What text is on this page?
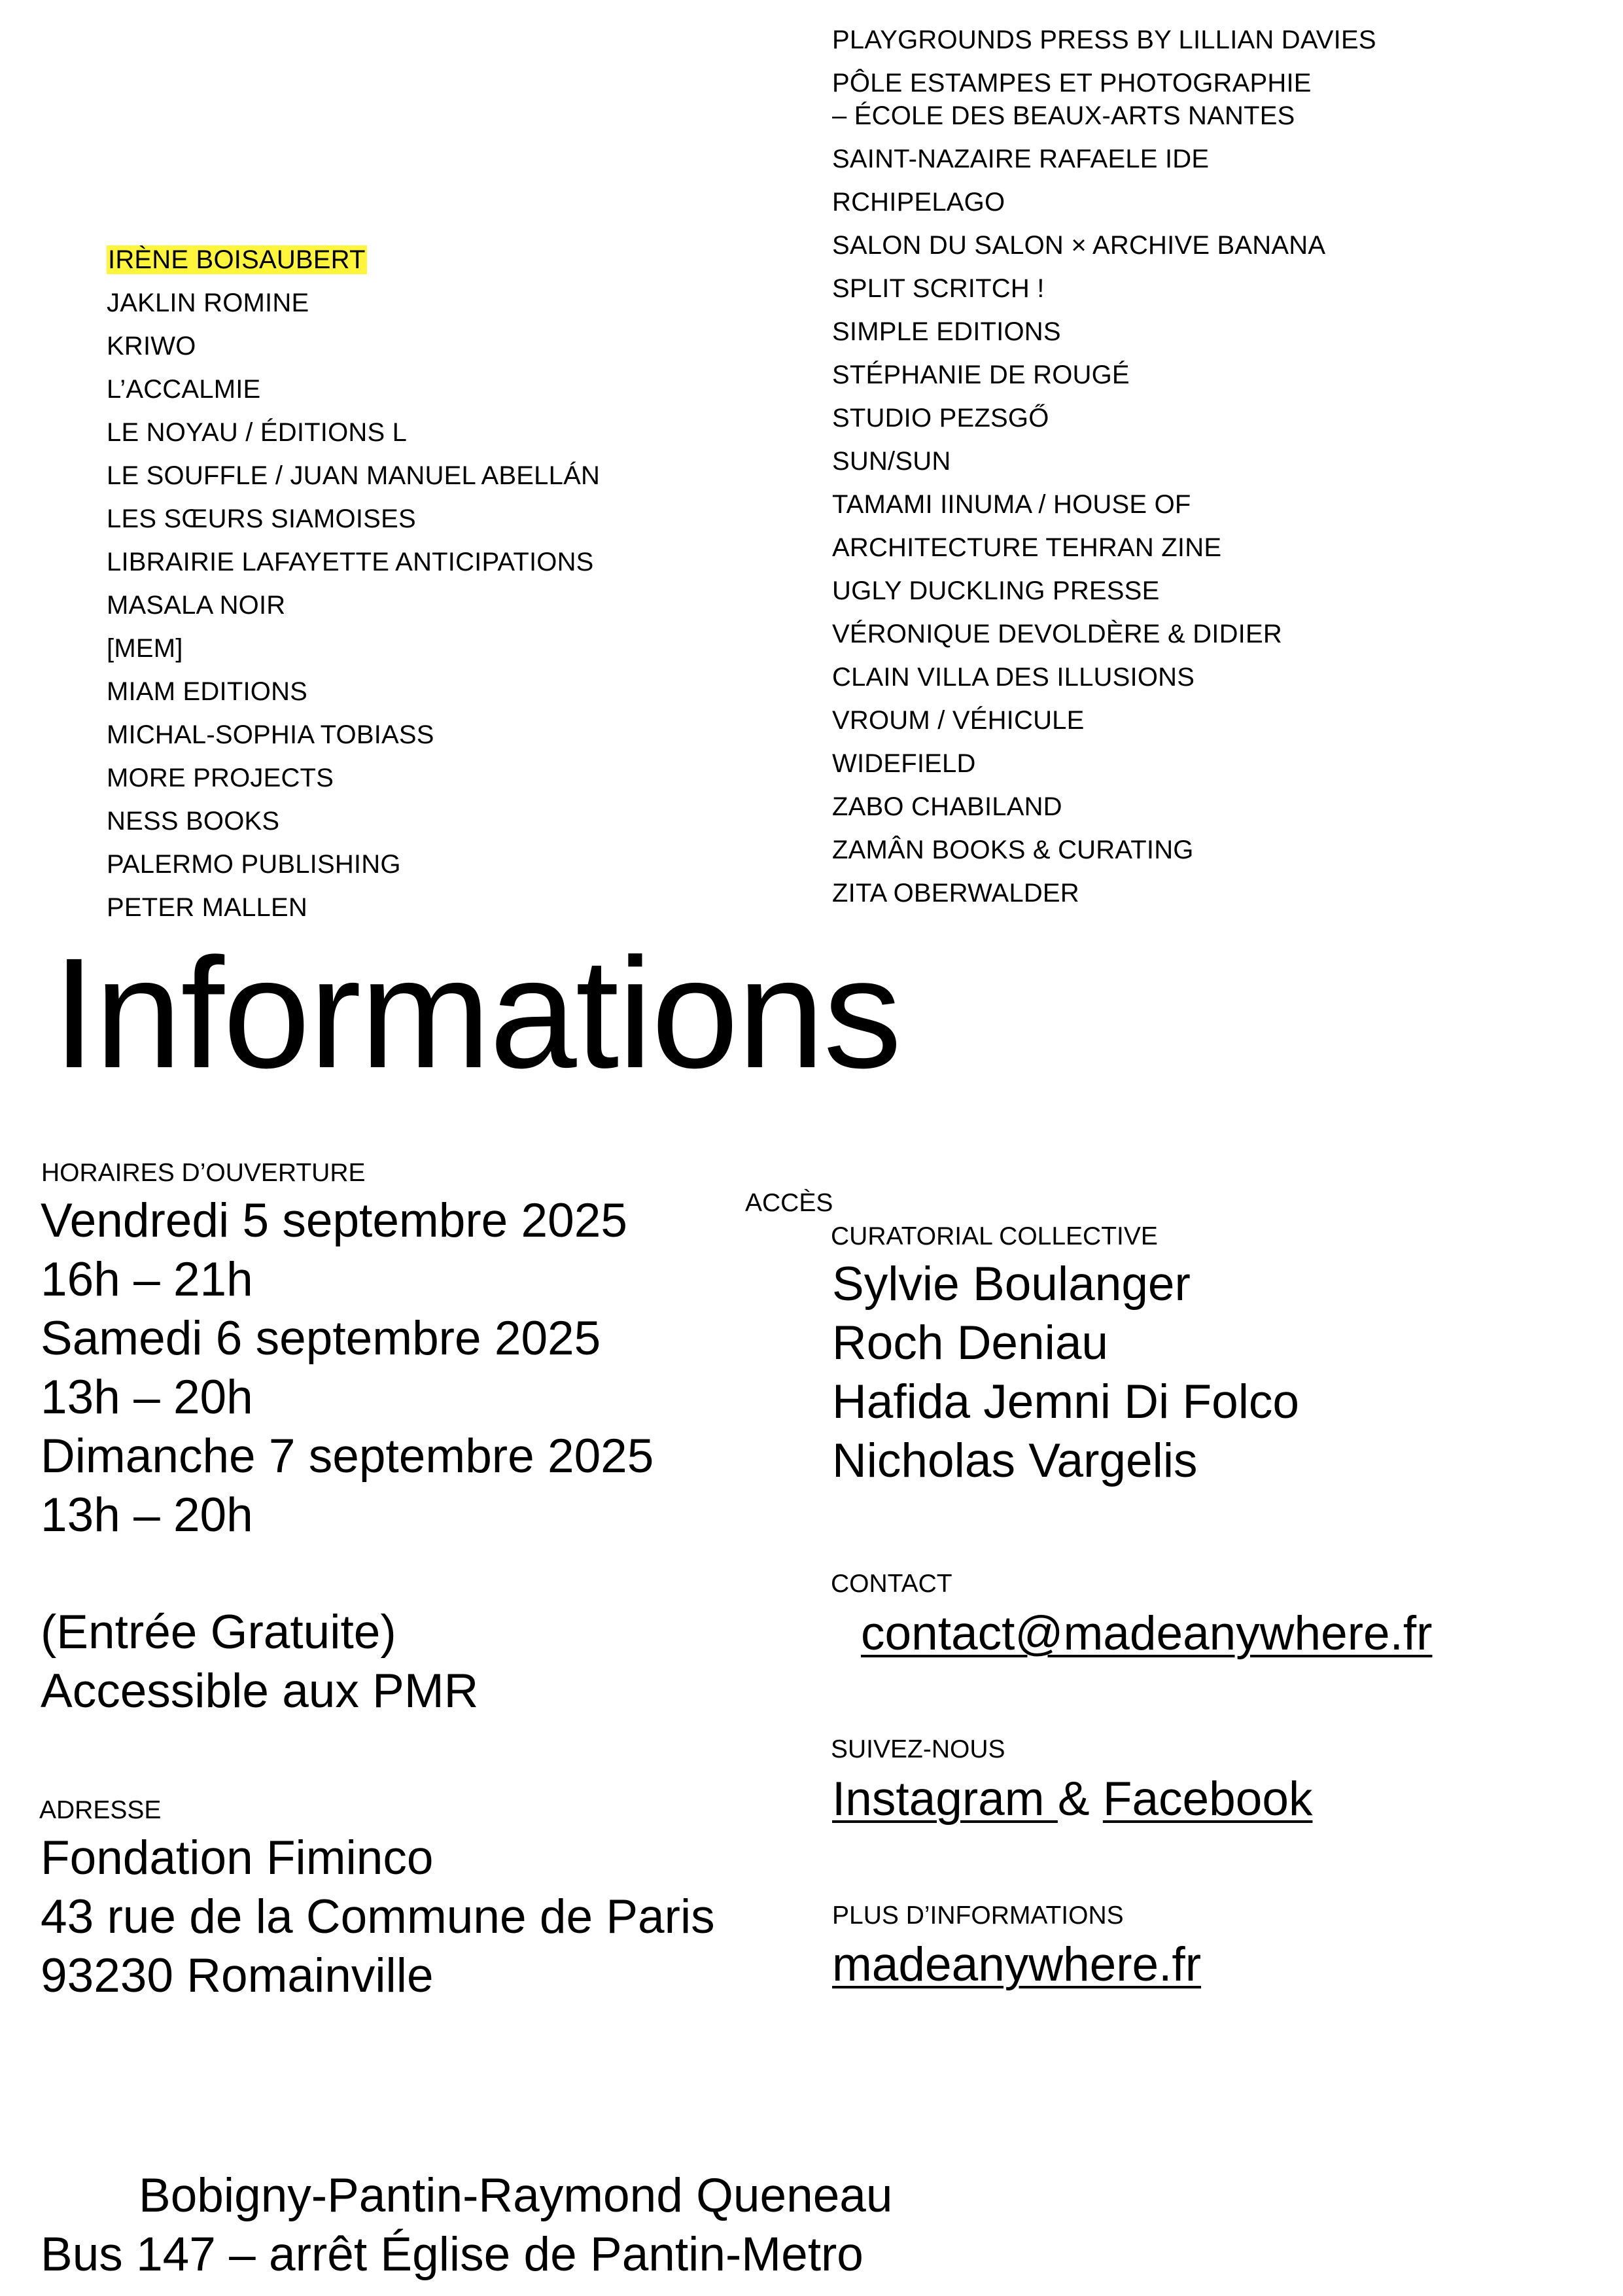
IRÈNE BOISAUBERT
JAKLIN ROMINE
KRIWO
L’ACCALMIE
LE NOYAU / ÉDITIONS L
LE SOUFFLE / JUAN MANUEL ABELLÁN
LES SŒURS SIAMOISES
LIBRAIRIE LAFAYETTE ANTICIPATIONS
MASALA NOIR
[MEM]
MIAM EDITIONS
MICHAL-SOPHIA TOBIASS
MORE PROJECTS
NESS BOOKS
PALERMO PUBLISHING
PETER MALLEN
PLAYGROUNDS PRESS BY LILLIAN DAVIES
PÔLE ESTAMPES ET PHOTOGRAPHIE
– ÉCOLE DES BEAUX-ARTS NANTES
SAINT-NAZAIRE RAFAELE IDE
RCHIPELAGO
SALON DU SALON × ARCHIVE BANANA
SPLIT SCRITCH !
SIMPLE EDITIONS
STÉPHANIE DE ROUGÉ
STUDIO PEZSGŐ
SUN/SUN
TAMAMI IINUMA / HOUSE OF
ARCHITECTURE TEHRAN ZINE
UGLY DUCKLING PRESSE
VÉRONIQUE DEVOLDÈRE & DIDIER
CLAIN VILLA DES ILLUSIONS
VROUM / VÉHICULE
WIDEFIELD
ZABO CHABILAND
ZAMÂN BOOKS & CURATING
ZITA OBERWALDER
Informations
HORAIRES D’OUVERTURE
Vendredi 5 septembre 2025
16h – 21h
Samedi 6 septembre 2025
13h – 20h
Dimanche 7 septembre 2025
13h – 20h
(Entrée Gratuite)
Accessible aux PMR
ADRESSE
Fondation Fiminco
43 rue de la Commune de Paris
93230 Romainville
ACCÈS
Bobigny-Pantin-Raymond Queneau
Bus 147 – arrêt Église de Pantin-Metro
CURATORIAL COLLECTIVE
Sylvie Boulanger
Roch Deniau
Hafida Jemni Di Folco
Nicholas Vargelis
CONTACT
contact@madeanywhere.fr
SUIVEZ-NOUS
Instagram & Facebook
PLUS D’INFORMATIONS
madeanywhere.fr
